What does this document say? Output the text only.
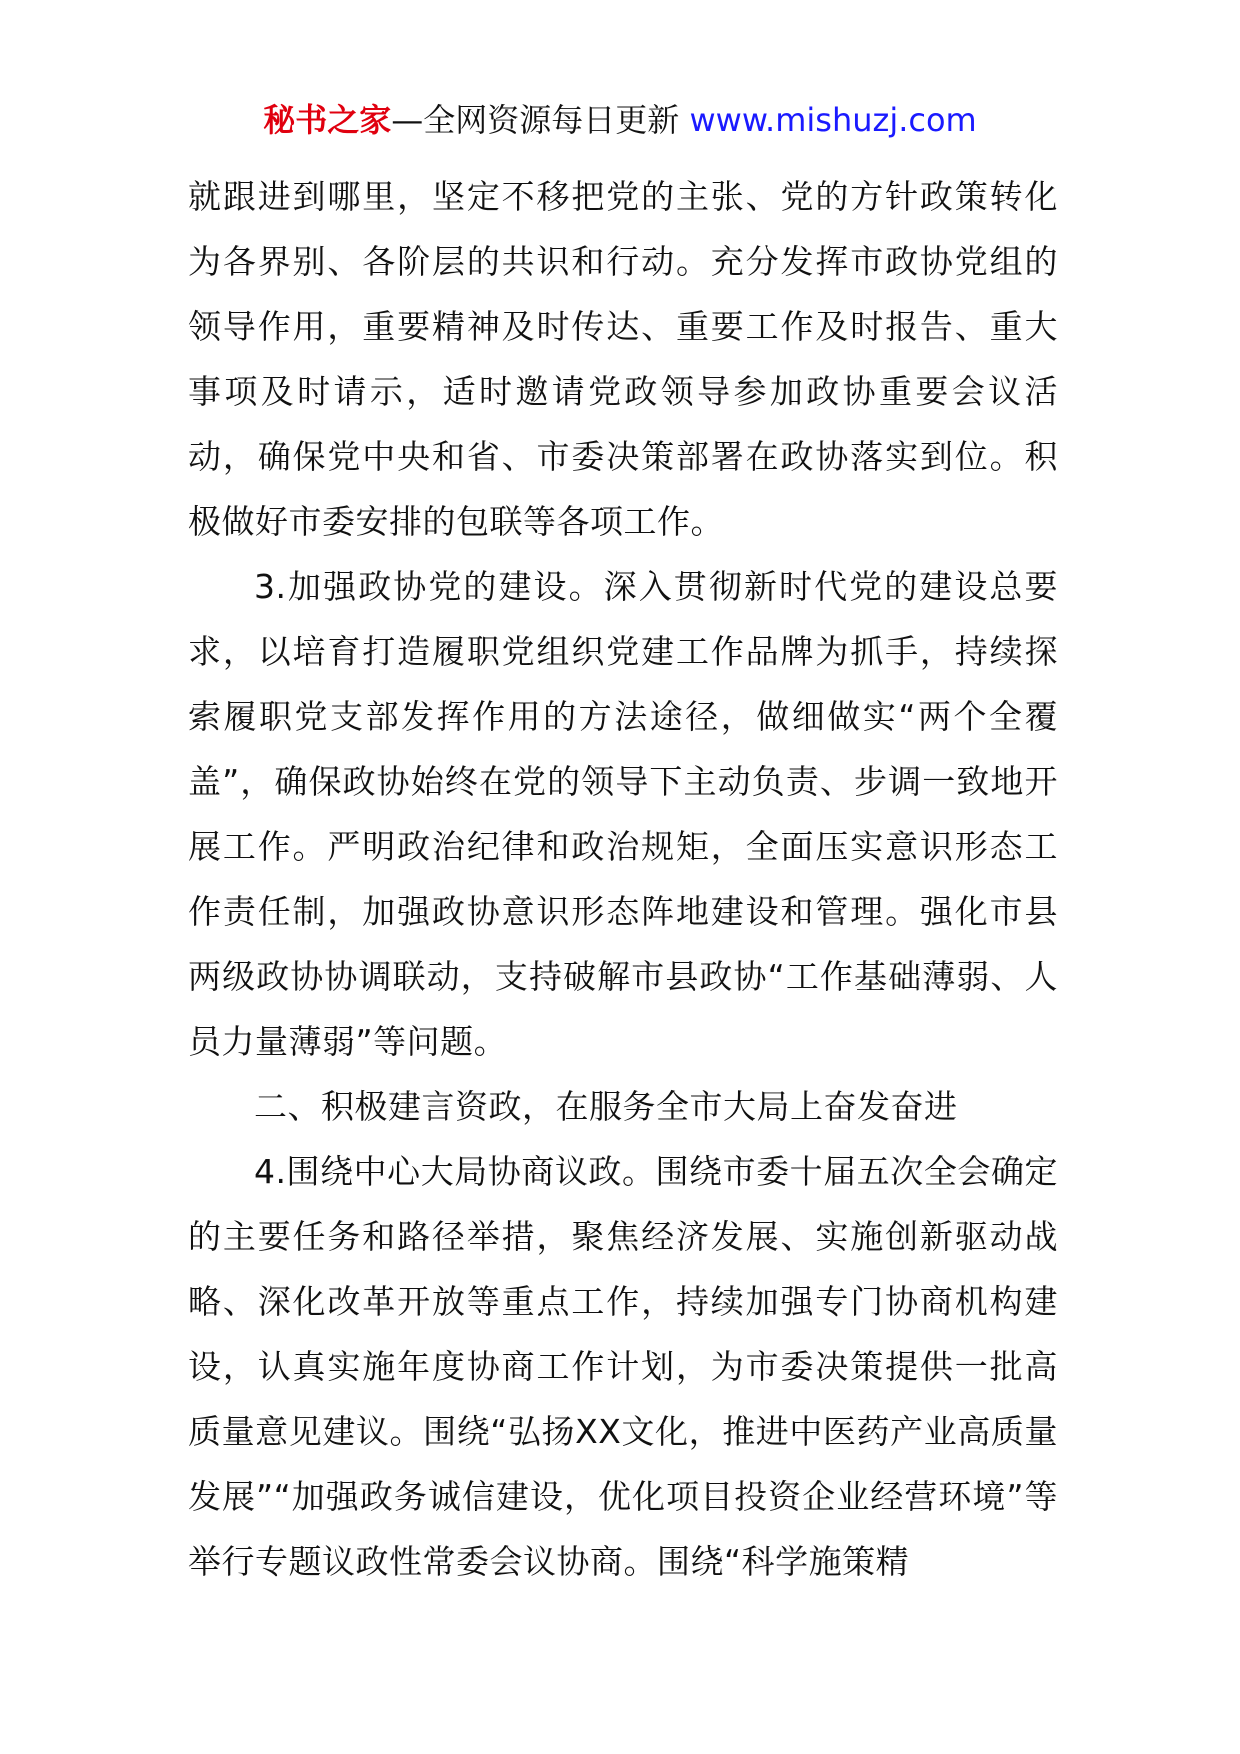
秘书之家—全网资源每日更新 www.mishuzj.com

就跟进到哪里，坚定不移把党的主张、党的方针政策转化为各界别、各阶层的共识和行动。充分发挥市政协党组的领导作用，重要精神及时传达、重要工作及时报告、重大事项及时请示，适时邀请党政领导参加政协重要会议活动，确保党中央和省、市委决策部署在政协落实到位。积极做好市委安排的包联等各项工作。

3.加强政协党的建设。深入贯彻新时代党的建设总要求，以培育打造履职党组织党建工作品牌为抓手，持续探索履职党支部发挥作用的方法途径，做细做实“两个全覆盖”，确保政协始终在党的领导下主动负责、步调一致地开展工作。严明政治纪律和政治规矩，全面压实意识形态工作责任制，加强政协意识形态阵地建设和管理。强化市县两级政协协调联动，支持破解市县政协“工作基础薄弱、人员力量薄弱”等问题。

二、积极建言资政，在服务全市大局上奋发奋进

4.围绕中心大局协商议政。围绕市委十届五次全会确定的主要任务和路径举措，聚焦经济发展、实施创新驱动战略、深化改革开放等重点工作，持续加强专门协商机构建设，认真实施年度协商工作计划，为市委决策提供一批高质量意见建议。围绕“弘扬XX文化，推进中医药产业高质量发展”“加强政务诚信建设，优化项目投资企业经营环境”等举行专题议政性常委会议协商。围绕“科学施策精
